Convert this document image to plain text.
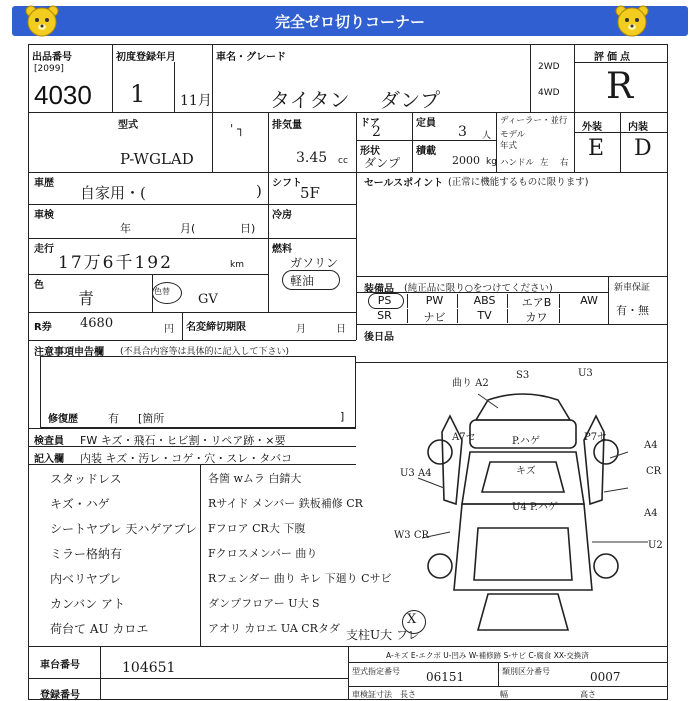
完全ゼロ切りコーナー
出品番号
[2099]
4030
初度登録年月
1 11月
車名・グレード
タイタン ダンプ
2WD
4WD
評価点
R
型式	' ┐
P-WGLAD
排気量
3.45 cc
ドア
2
定員
3 人
形状
ダンプ
積載
2000 kg
ディーラー・並行
モデル
年式
ハンドル 左 右
外装	内装
E D
車歴
自家用・(	) シフト
5F
車検
年	月(	日)
冷房
走行
17万6千192	km
燃料
ガソリン
軽油
色
青	色替
GV
R券 4680	円 名変締切期限	月	日
注意事項申告欄 (不具合内容等は具体的に記入して下さい)
修復歴	有 [箇所	]
セールスポイント (正常に機能するものに限ります)
装備品 (純正品に限り○をつけてください)	新車保証
有・無
PS	PW	ABS	エアB	AW
SR	ナビ	TV	カワ
後日品
検査員 FW キズ・飛石・ヒビ割・リペア跡・×要
記入欄 内装 キズ・汚レ・コゲ・穴・スレ・タバコ
スタッドレス
キズ・ハゲ
シートヤブレ 天ハゲアブレ
ミラー格納有
内ベリヤブレ
カンバン アト
荷台て AU カロエ
各箇 wムラ 白錆大
Rサイド メンバー 鉄板補修 CR
Fフロア CR大 下腹
Fクロスメンバー 曲り
Rフェンダー 曲り キレ 下廻り Cサビ
ダンプフロアー U大 S
アオリ カロエ UA CRタダ 支柱U大 フレ
X
曲り A2
S3	U3
A7セ	P.ハゲ	P7セ
A4
CR
U3 A4	キズ
U4 P.ハゲ
A4
W3 CR
U2
車台番号	104651
登録番号
A-キズ E-エクボ U-凹み W-補修跡 S-サビ C-腐食 XX-交換済
型式指定番号 06151	類別区分番号	0007
車検証寸法 長さ	幅	高さ
